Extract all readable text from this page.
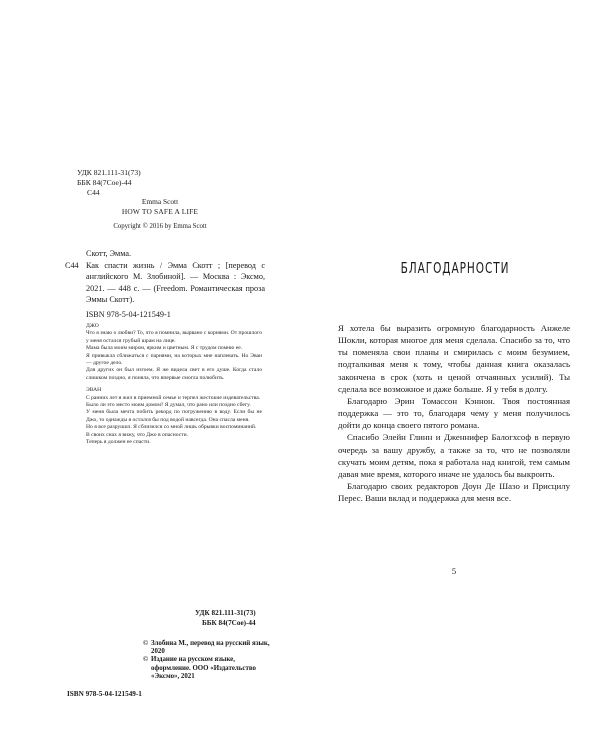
УДК 821.111-31(73)
ББК 84(7Сое)-44
С44
Emma Scott
HOW TO SAFE A LIFE
Copyright © 2016 by Emma Scott
Скотт, Эмма.
С44 Как спасти жизнь / Эмма Скотт ; [перевод с английского М. Злобиной]. — Москва : Эксмо, 2021. — 448 с. — (Freedom. Романтическая проза Эммы Скотт).
ISBN 978-5-04-121549-1

ДЖО

Что я знаю о любви? То, что я помнила, вырвано с корнями. От прошлого у меня остался грубый шрам на лице.

Мама была моим миром, ярким и цветным. Я с трудом помню ее.

Я привыкла сближаться с парнями, на которых мне наплевать. Но Эван — другое дело.

Для других он был изгоем. Я же видела свет в его душе. Когда стало слишком поздно, я поняла, что впервые смогла полюбить.

ЭВАН

С ранних лет я жил в приемной семье и терпел жестокие издевательства.

Было ли это место моим домом? Я думал, что рано или поздно сбегу.

У меня была мечта побить рекорд по погружению в воду. Если бы не Джо, то однажды я остался бы под водой навсегда. Она спасла меня.

Но я все разрушил. Я сблизился со мной лишь обрывки воспоминаний.

В своих снах я вижу, что Джо в опасности.

Теперь я должен ее спасти.

УДК 821.111-31(73)
ББК 84(7Сое)-44
© Злобина М., перевод на русский язык, 2020
© Издание на русском языке, оформление. ООО «Издательство «Эксмо», 2021
ISBN 978-5-04-121549-1
БЛАГОДАРНОСТИ

Я хотела бы выразить огромную благодарность Анжеле Шокли, которая многое для меня сделала. Спасибо за то, что ты поменяла свои планы и смирилась с моим безумием, подталкивая меня к тому, чтобы данная книга оказалась закончена в срок (хоть и ценой отчаянных усилий). Ты сделала все возможное и даже больше. Я у тебя в долгу.

Благодарю Эрин Томассон Кэннон. Твоя постоянная поддержка — это то, благодаря чему у меня получилось дойти до конца своего пятого романа.

Спасибо Элейн Глинн и Дженнифер Балогхсоф в первую очередь за вашу дружбу, а также за то, что не позволяли скучать моим детям, пока я работала над книгой, тем самым давая мне время, которого иначе не удалось бы выкроить.

Благодарю своих редакторов Доун Де Шазо и Присцилу Перес. Ваши вклад и поддержка для меня все.

5
